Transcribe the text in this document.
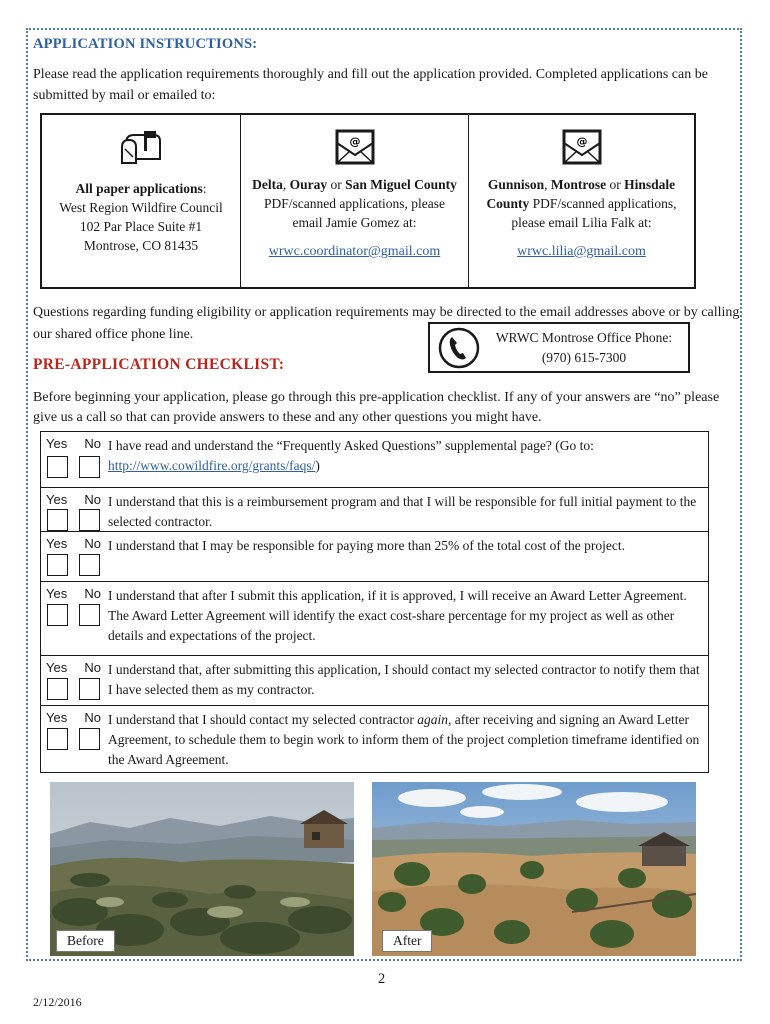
APPLICATION INSTRUCTIONS:
Please read the application requirements thoroughly and fill out the application provided. Completed applications can be submitted by mail or emailed to:
All paper applications:
West Region Wildfire Council
102 Par Place Suite #1
Montrose, CO 81435
@
Delta, Ouray or San Miguel County
PDF/scanned applications, please
email Jamie Gomez at:
wrwc.coordinator@gmail.com
@
Gunnison, Montrose or Hinsdale
County PDF/scanned applications,
please email Lilia Falk at:
wrwc.lilia@gmail.com
Questions regarding funding eligibility or application requirements may be directed to the email addresses above or by calling our shared office phone line.	WRWC Montrose Office Phone:
(970) 615-7300
PRE-APPLICATION CHECKLIST:
Before beginning your application, please go through this pre-application checklist. If any of your answers are “no” please give us a call so that can provide answers to these and any other questions you might have.
Yes No I have read and understand the “Frequently Asked Questions” supplemental page? (Go to:
http://www.cowildfire.org/grants/faqs/)
Yes No I understand that this is a reimbursement program and that I will be responsible for full initial payment to the selected contractor.
Yes No I understand that I may be responsible for paying more than 25% of the total cost of the project.
Yes No I understand that after I submit this application, if it is approved, I will receive an Award Letter Agreement. The Award Letter Agreement will identify the exact cost-share percentage for my project as well as other details and expectations of the project.
Yes No I understand that, after submitting this application, I should contact my selected contractor to notify them that I have selected them as my contractor.
Yes No I understand that I should contact my selected contractor again, after receiving and signing an Award Letter Agreement, to schedule them to begin work to inform them of the project completion timeframe identified on the Award Agreement.
Before	After
2
2/12/2016
